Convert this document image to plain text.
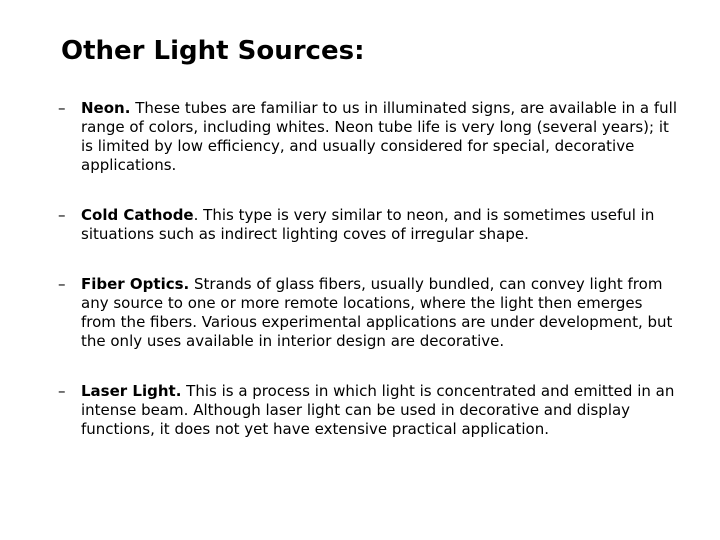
Other Light Sources:
– Neon. These tubes are familiar to us in illuminated signs, are available in a full range of colors, including whites. Neon tube life is very long (several years); it is limited by low efficiency, and usually considered for special, decorative applications.
– Cold Cathode. This type is very similar to neon, and is sometimes useful in situations such as indirect lighting coves of irregular shape.
– Fiber Optics. Strands of glass fibers, usually bundled, can convey light from any source to one or more remote locations, where the light then emerges from the fibers. Various experimental applications are under development, but the only uses available in interior design are decorative.
– Laser Light. This is a process in which light is concentrated and emitted in an intense beam. Although laser light can be used in decorative and display functions, it does not yet have extensive practical application.
